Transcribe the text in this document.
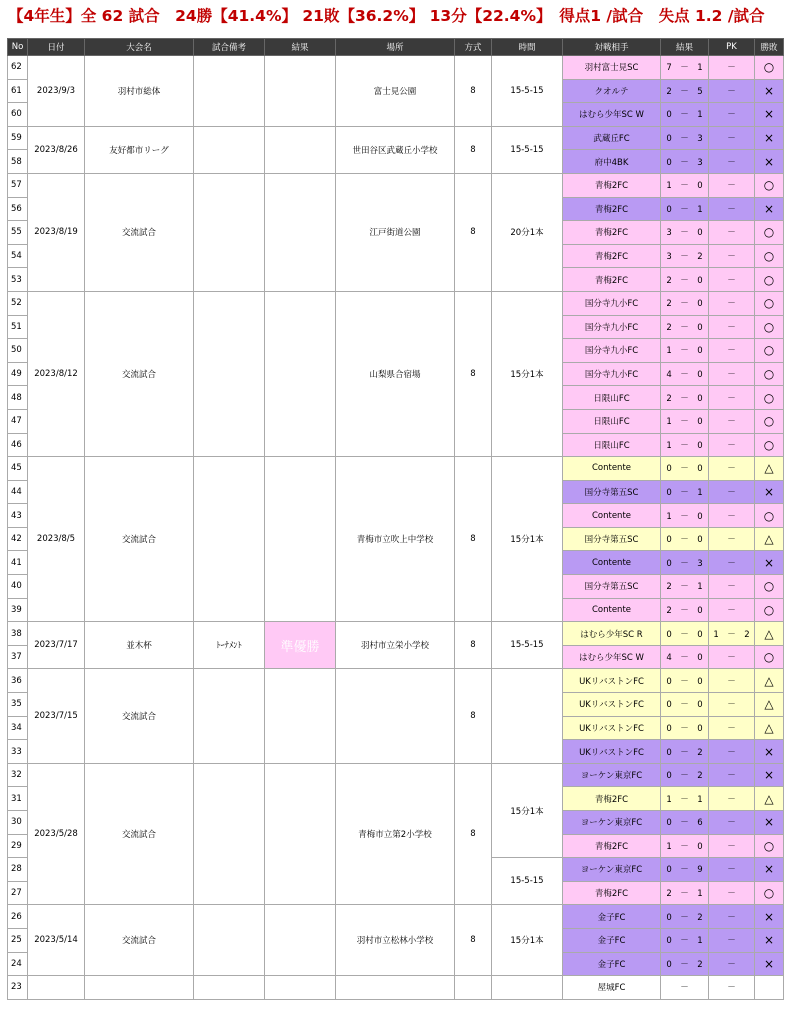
【4年生】全 62 試合　24勝【41.4%】 21敗【36.2%】 13分【22.4%】　得点1 /試合　失点 1.2 /試合
No	日付	大会名	試合備考	結果	場所	方式	時間	対戦相手	結果	PK	勝敗
62	2023/9/3	羽村市総体			富士見公園	8	15-5-15	羽村富士見SC	7　－　1	－	○
61								クオルテ	2　－　5	－	×
60								はむら少年SC W	0　－　1	－	×
59	2023/8/26	友好都市リーグ			世田谷区武蔵丘小学校	8	15-5-15	武蔵丘FC	0　－　3	－	×
58								府中4BK	0　－　3	－	×
57	2023/8/19	交流試合			江戸街道公園	8	20分1本	青梅2FC	1　－　0	－	○
56								青梅2FC	0　－　1	－	×
55								青梅2FC	3　－　0	－	○
54								青梅2FC	3　－　2	－	○
53								青梅2FC	2　－　0	－	○
52	2023/8/12	交流試合			山梨県合宿場	8	15分1本	国分寺九小FC	2　－　0	－	○
51								国分寺九小FC	2　－　0	－	○
50								国分寺九小FC	1　－　0	－	○
49								国分寺九小FC	4　－　0	－	○
48								日限山FC	2　－　0	－	○
47								日限山FC	1　－　0	－	○
46								日限山FC	1　－　0	－	○
45	2023/8/5	交流試合			青梅市立吹上中学校	8	15分1本	Contente	0　－　0	－	△
44								国分寺第五SC	0　－　1	－	×
43								Contente	1　－　0	－	○
42								国分寺第五SC	0　－　0	－	△
41								Contente	0　－　3	－	×
40								国分寺第五SC	2　－　1	－	○
39								Contente	2　－　0	－	○
38	2023/7/17	並木杯	ﾄｰﾅﾒﾝﾄ	準優勝	羽村市立栄小学校	8	15-5-15	はむら少年SC R	0　－　0	1　－　2	△
37								はむら少年SC W	4　－　0	－	○
36	2023/7/15	交流試合				8		UKリバストンFC	0　－　0	－	△
35								UKリバストンFC	0　－　0	－	△
34								UKリバストンFC	0　－　0	－	△
33								UKリバストンFC	0　－　2	－	×
32	2023/5/28	交流試合			青梅市立第2小学校	8	15分1本	ヨーケン東京FC	0　－　2	－	×
31								青梅2FC	1　－　1	－	△
30								ヨーケン東京FC	0　－　6	－	×
29								青梅2FC	1　－　0	－	○
28							15-5-15	ヨーケン東京FC	0　－　9	－	×
27								青梅2FC	2　－　1	－	○
26	2023/5/14	交流試合			羽村市立松林小学校	8	15分1本	金子FC	0　－　2	－	×
25								金子FC	0　－　1	－	×
24								金子FC	0　－　2	－	×
23								屋城FC	－	－	
